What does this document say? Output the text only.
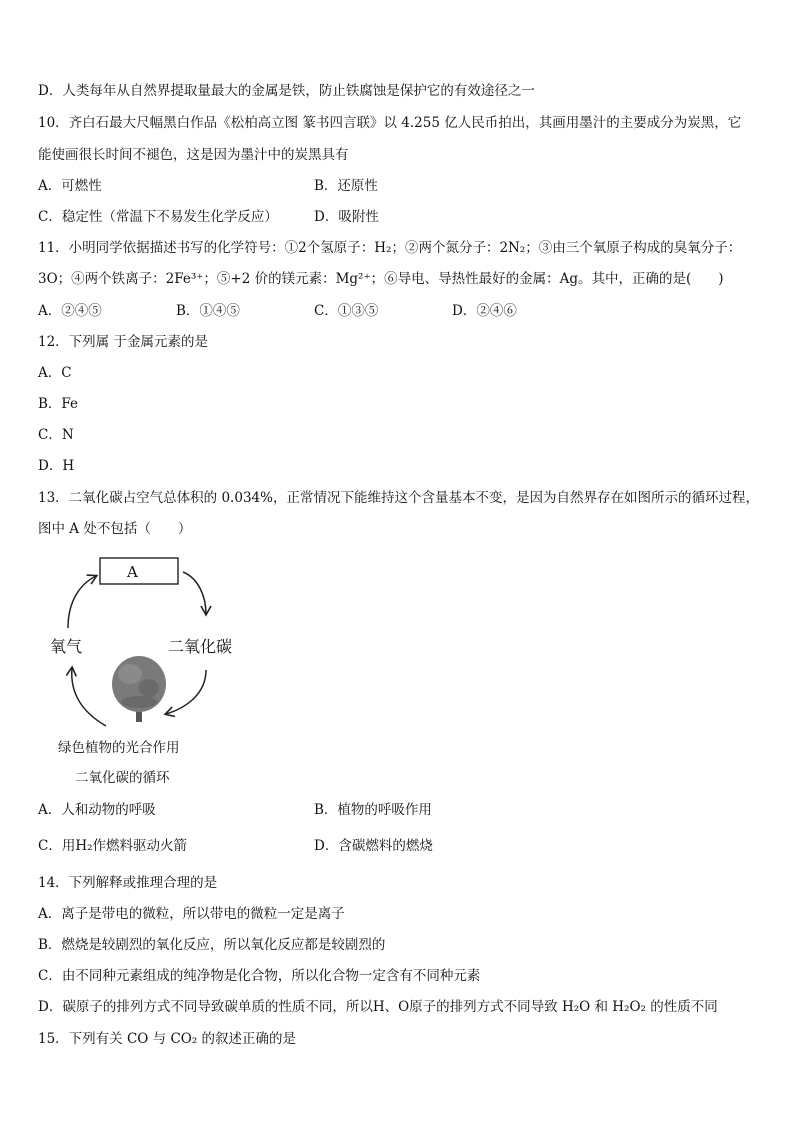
D．人类每年从自然界提取量最大的金属是铁，防止铁腐蚀是保护它的有效途径之一
10．齐白石最大尺幅黑白作品《松柏高立图 篆书四言联》以 4.255 亿人民币拍出，其画用墨汁的主要成分为炭黑，它
能使画很长时间不褪色，这是因为墨汁中的炭黑具有
A．可燃性	B．还原性
C．稳定性（常温下不易发生化学反应）	D．吸附性
11．小明同学依据描述书写的化学符号：①2个氢原子：H₂；②两个氮分子：2N₂；③由三个氧原子构成的臭氧分子：
3O；④两个铁离子：2Fe³⁺；⑤+2 价的镁元素：Mg²⁺；⑥导电、导热性最好的金属：Ag。其中，正确的是(　　)
A．②④⑤	B．①④⑤	C．①③⑤	D．②④⑥
12．下列属 于金属元素的是
A．C
B．Fe
C．N
D．H
13．二氧化碳占空气总体积的 0.034%，正常情况下能维持这个含量基本不变，是因为自然界存在如图所示的循环过程，
图中 A 处不包括（　　）
A
氧气	二氧化碳
绿色植物的光合作用
二氧化碳的循环
A．人和动物的呼吸	B．植物的呼吸作用
C．用H₂作燃料驱动火箭	D．含碳燃料的燃烧
14．下列解释或推理合理的是
A．离子是带电的微粒，所以带电的微粒一定是离子
B．燃烧是较剧烈的氧化反应，所以氧化反应都是较剧烈的
C．由不同种元素组成的纯净物是化合物，所以化合物一定含有不同种元素
D．碳原子的排列方式不同导致碳单质的性质不同，所以H、O原子的排列方式不同导致 H₂O 和 H₂O₂ 的性质不同
15．下列有关 CO 与 CO₂ 的叙述正确的是
